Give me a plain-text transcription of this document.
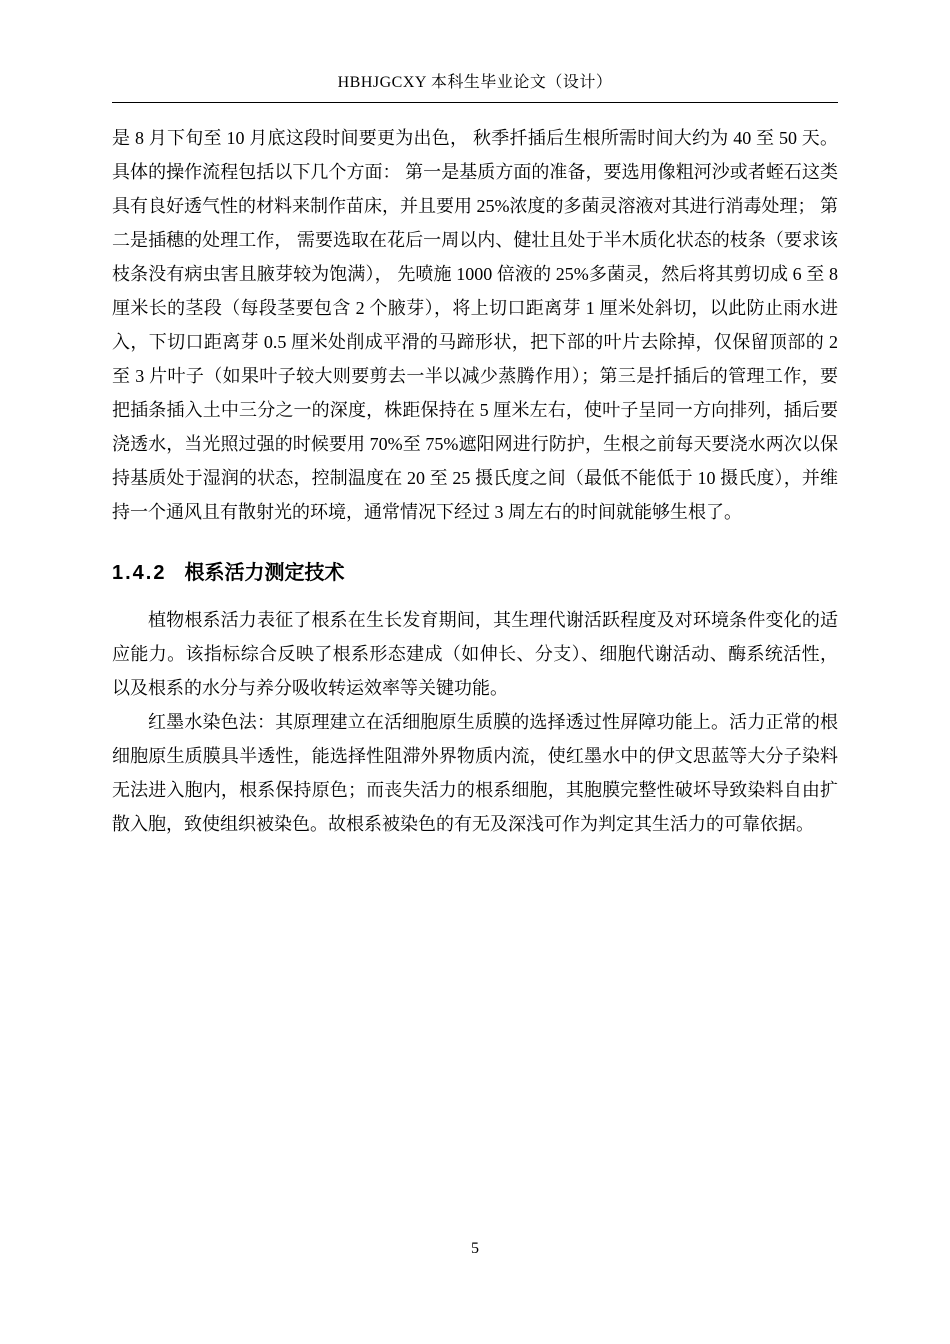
HBHJGCXY 本科生毕业论文（设计）

是 8 月下旬至 10 月底这段时间要更为出色， 秋季扦插后生根所需时间大约为 40 至 50 天。 具体的操作流程包括以下几个方面： 第一是基质方面的准备，要选用像粗河沙或者蛭石这类具有良好透气性的材料来制作苗床，并且要用 25%浓度的多菌灵溶液对其进行消毒处理； 第二是插穗的处理工作， 需要选取在花后一周以内、健壮且处于半木质化状态的枝条（要求该枝条没有病虫害且腋芽较为饱满）， 先喷施 1000 倍液的 25%多菌灵，然后将其剪切成 6 至 8 厘米长的茎段（每段茎要包含 2 个腋芽），将上切口距离芽 1 厘米处斜切，以此防止雨水进入，下切口距离芽 0.5 厘米处削成平滑的马蹄形状，把下部的叶片去除掉，仅保留顶部的 2 至 3 片叶子（如果叶子较大则要剪去一半以减少蒸腾作用）；第三是扦插后的管理工作，要把插条插入土中三分之一的深度，株距保持在 5 厘米左右，使叶子呈同一方向排列，插后要浇透水，当光照过强的时候要用 70%至 75%遮阳网进行防护，生根之前每天要浇水两次以保持基质处于湿润的状态，控制温度在 20 至 25 摄氏度之间（最低不能低于 10 摄氏度），并维持一个通风且有散射光的环境，通常情况下经过 3 周左右的时间就能够生根了。

1.4.2 根系活力测定技术

植物根系活力表征了根系在生长发育期间，其生理代谢活跃程度及对环境条件变化的适应能力。该指标综合反映了根系形态建成（如伸长、分支）、细胞代谢活动、酶系统活性，以及根系的水分与养分吸收转运效率等关键功能。

红墨水染色法：其原理建立在活细胞原生质膜的选择透过性屏障功能上。活力正常的根细胞原生质膜具半透性，能选择性阻滞外界物质内流，使红墨水中的伊文思蓝等大分子染料无法进入胞内，根系保持原色；而丧失活力的根系细胞，其胞膜完整性破坏导致染料自由扩散入胞，致使组织被染色。故根系被染色的有无及深浅可作为判定其生活力的可靠依据。

5
